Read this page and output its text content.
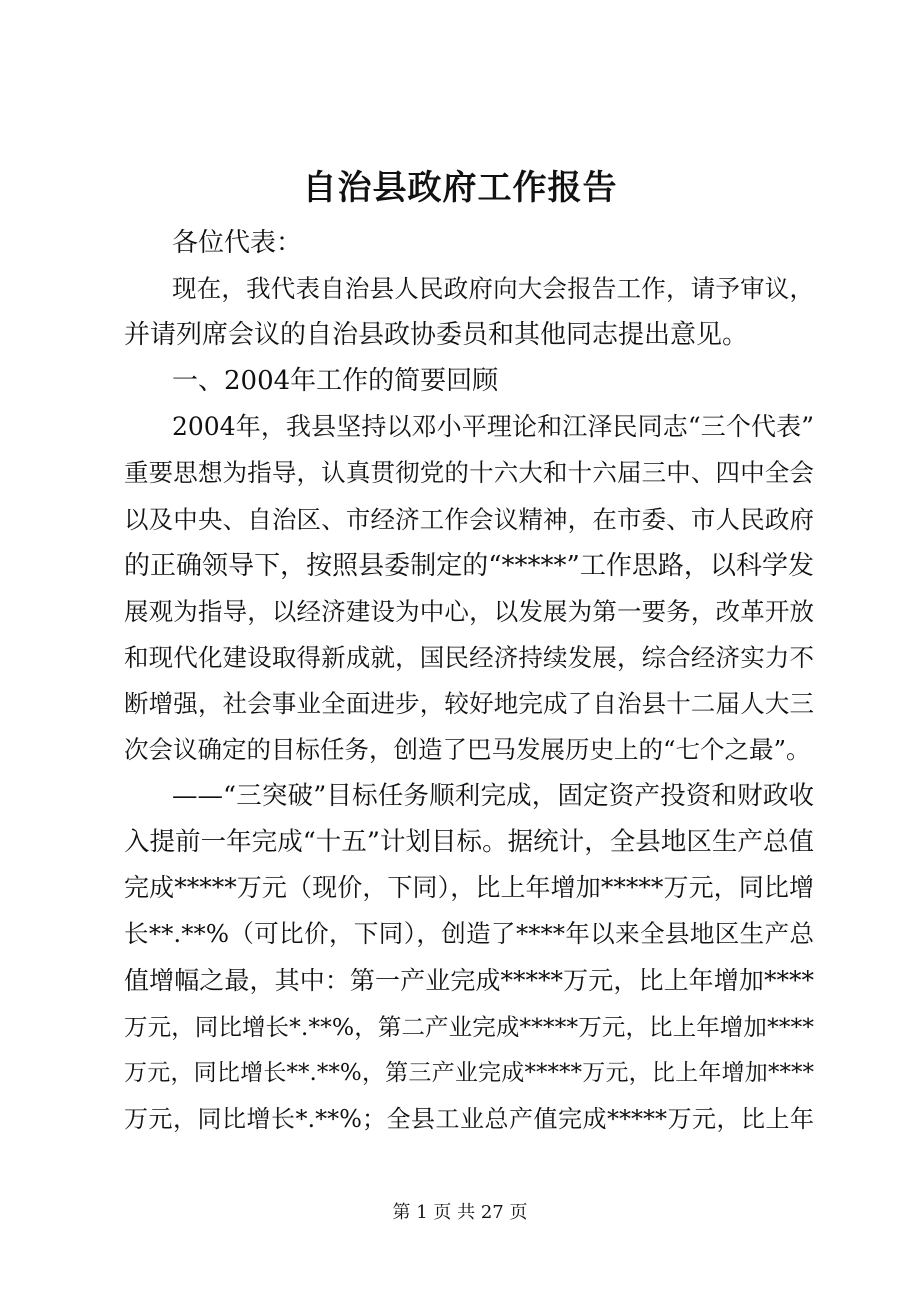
自治县政府工作报告
各位代表：
现在，我代表自治县人民政府向大会报告工作，请予审议，
并请列席会议的自治县政协委员和其他同志提出意见。
一、2004年工作的简要回顾
2004年，我县坚持以邓小平理论和江泽民同志“三个代表”
重要思想为指导，认真贯彻党的十六大和十六届三中、四中全会
以及中央、自治区、市经济工作会议精神，在市委、市人民政府
的正确领导下，按照县委制定的“*****”工作思路，以科学发
展观为指导，以经济建设为中心，以发展为第一要务，改革开放
和现代化建设取得新成就，国民经济持续发展，综合经济实力不
断增强，社会事业全面进步，较好地完成了自治县十二届人大三
次会议确定的目标任务，创造了巴马发展历史上的“七个之最”。
——“三突破”目标任务顺利完成，固定资产投资和财政收
入提前一年完成“十五”计划目标。据统计，全县地区生产总值
完成*****万元（现价，下同），比上年增加*****万元，同比增
长**.**%（可比价，下同），创造了****年以来全县地区生产总
值增幅之最，其中：第一产业完成*****万元，比上年增加****
万元，同比增长*.**%，第二产业完成*****万元，比上年增加****
万元，同比增长**.**%，第三产业完成*****万元，比上年增加****
万元，同比增长*.**%；全县工业总产值完成*****万元，比上年
第 1 页 共 27 页
